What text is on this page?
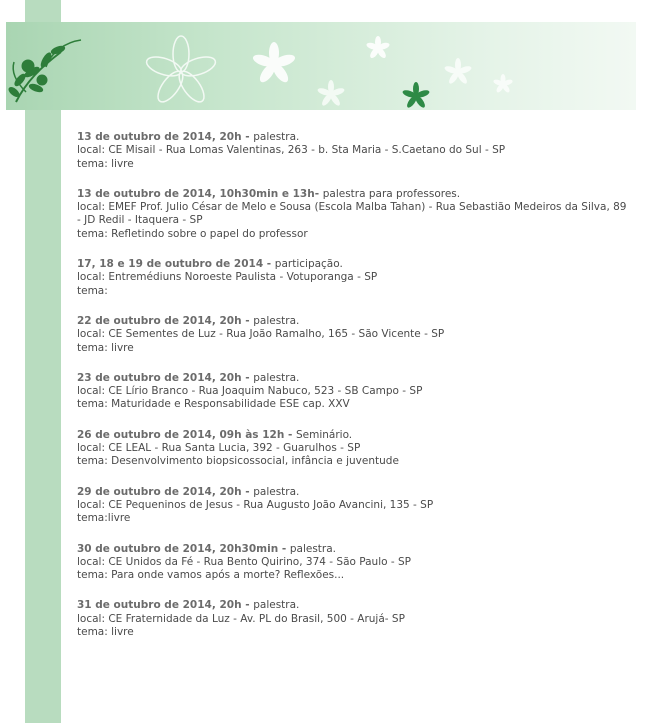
13 de outubro de 2014, 20h - palestra.
local: CE Misail - Rua Lomas Valentinas, 263 - b. Sta Maria - S.Caetano do Sul - SP
tema: livre
13 de outubro de 2014, 10h30min e 13h- palestra para professores.
local: EMEF Prof. Julio César de Melo e Sousa (Escola Malba Tahan) - Rua Sebastião Medeiros da Silva, 89 - JD Redil - Itaquera - SP
tema: Refletindo sobre o papel do professor
17, 18 e 19 de outubro de 2014 - participação.
local: Entremédiuns Noroeste Paulista - Votuporanga - SP
tema:
22 de outubro de 2014, 20h - palestra.
local: CE Sementes de Luz - Rua João Ramalho, 165 - São Vicente - SP
tema: livre
23 de outubro de 2014, 20h - palestra.
local: CE Lírio Branco - Rua Joaquim Nabuco, 523 - SB Campo - SP
tema: Maturidade e Responsabilidade ESE cap. XXV
26 de outubro de 2014, 09h às 12h - Seminário.
local: CE LEAL - Rua Santa Lucia, 392 - Guarulhos - SP
tema: Desenvolvimento biopsicossocial, infância e juventude
29 de outubro de 2014, 20h - palestra.
local: CE Pequeninos de Jesus - Rua Augusto João Avancini, 135 - SP
tema:livre
30 de outubro de 2014, 20h30min - palestra.
local: CE Unidos da Fé - Rua Bento Quirino, 374 - São Paulo - SP
tema: Para onde vamos após a morte? Reflexões...
31 de outubro de 2014, 20h - palestra.
local: CE Fraternidade da Luz - Av. PL do Brasil, 500 - Arujá- SP
tema: livre
